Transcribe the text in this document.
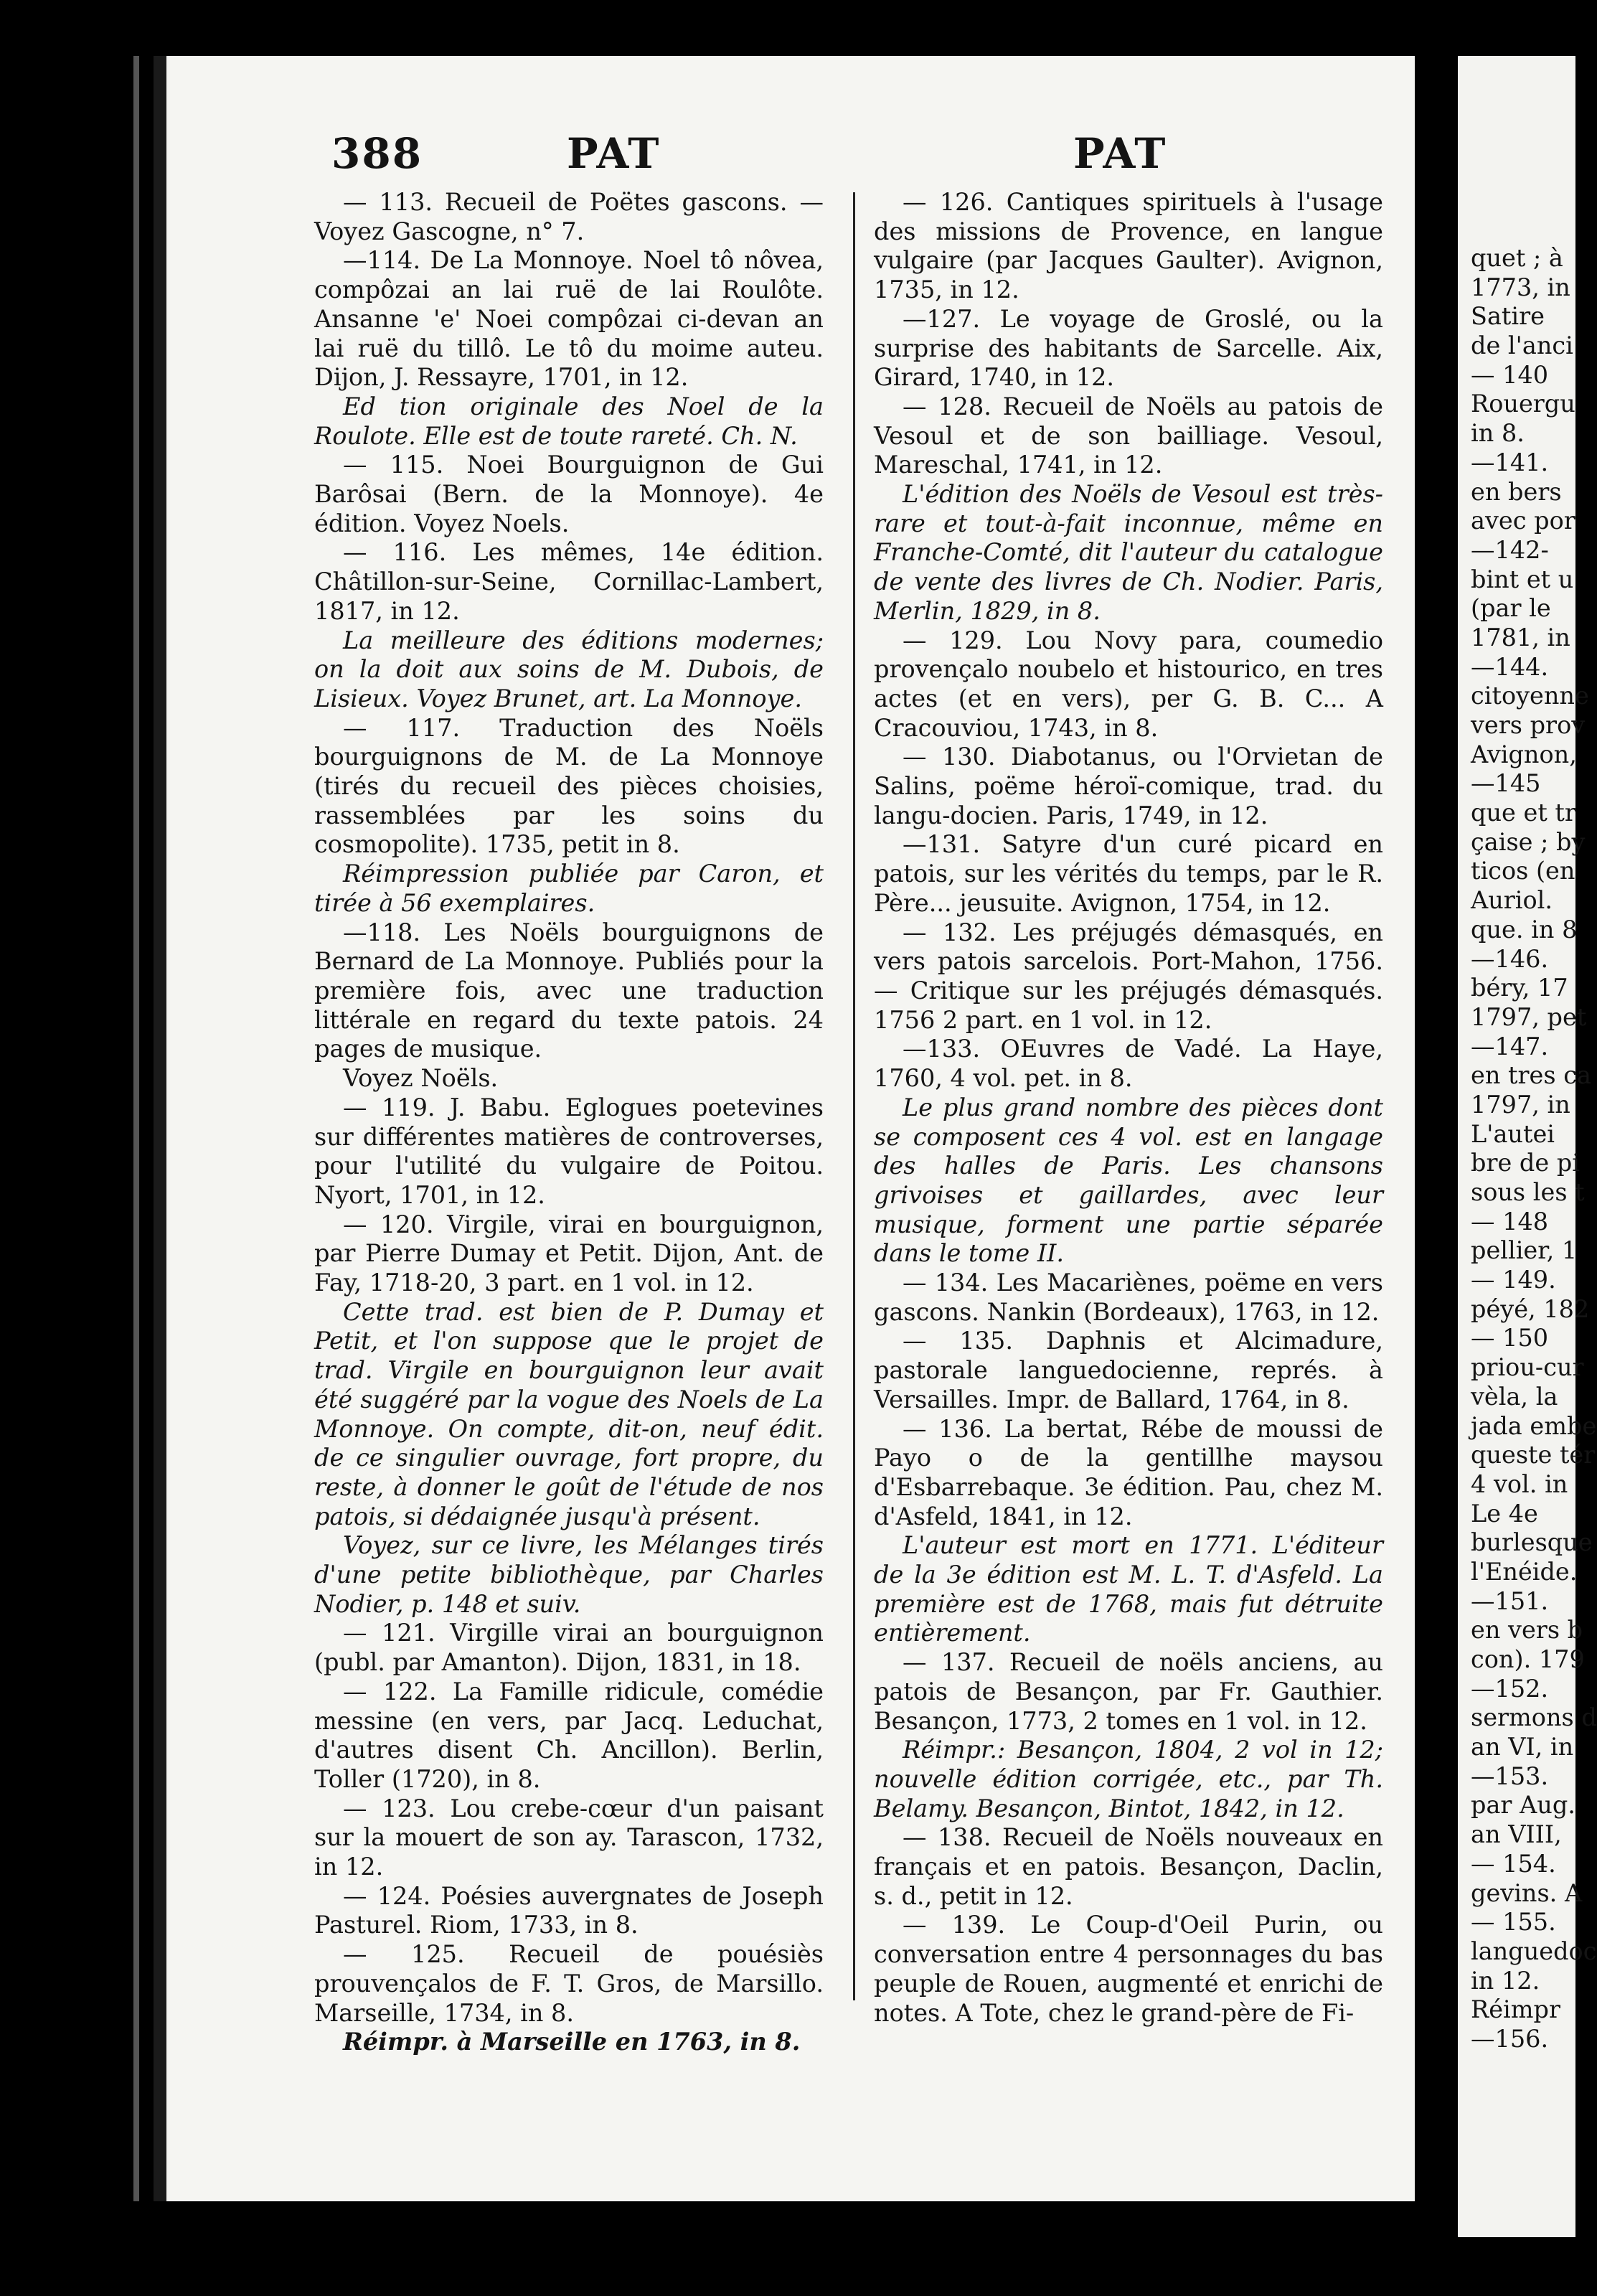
quet ; à
1773, in
Satire
de l'anci
— 140
Rouergu
in 8.
—141.
en bers
avec por
—142-
bint et u
(par le
1781, in
—144.
citoyenne
vers prov
Avignon,
—145
que et tr
çaise ; by
ticos (en
Auriol.
que. in 8
—146.
béry, 17
1797, pet
—147.
en tres ca
1797, in
L'autei
bre de pi
sous les t
— 148
pellier, 1
— 149.
péyé, 182
— 150
priou-cur
vèla, la
jada embe
queste tér
4 vol. in
Le 4e
burlesque
l'Enéide.
—151.
en vers b
con). 179
—152.
sermons d
an VI, in
—153.
par Aug.
an VIII,
— 154.
gevins. A
— 155.
languedoc
in 12.
Réimpr
—156.
388	PAT	PAT

— 113. Recueil de Poëtes gascons. — Voyez Gascogne, n° 7.

—114. De La Monnoye. Noel tô nôvea, compôzai an lai ruë de lai Roulôte. Ansanne 'e' Noei compôzai ci-devan an lai ruë du tillô. Le tô du moime auteu. Dijon, J. Ressayre, 1701, in 12.

Ed tion originale des Noel de la Roulote. Elle est de toute rareté. Ch. N.

— 115. Noei Bourguignon de Gui Barôsai (Bern. de la Monnoye). 4e édition. Voyez Noels.

— 116. Les mêmes, 14e édition. Châtillon-sur-Seine, Cornillac-Lambert, 1817, in 12.

La meilleure des éditions modernes; on la doit aux soins de M. Dubois, de Lisieux. Voyez Brunet, art. La Monnoye.

— 117. Traduction des Noëls bourguignons de M. de La Monnoye (tirés du recueil des pièces choisies, rassemblées par les soins du cosmopolite). 1735, petit in 8.

Réimpression publiée par Caron, et tirée à 56 exemplaires.

—118. Les Noëls bourguignons de Bernard de La Monnoye. Publiés pour la première fois, avec une traduction littérale en regard du texte patois. 24 pages de musique.

Voyez Noëls.

— 119. J. Babu. Eglogues poetevines sur différentes matières de controverses, pour l'utilité du vulgaire de Poitou. Nyort, 1701, in 12.

— 120. Virgile, virai en bourguignon, par Pierre Dumay et Petit. Dijon, Ant. de Fay, 1718-20, 3 part. en 1 vol. in 12.

Cette trad. est bien de P. Dumay et Petit, et l'on suppose que le projet de trad. Virgile en bourguignon leur avait été suggéré par la vogue des Noels de La Monnoye. On compte, dit-on, neuf édit. de ce singulier ouvrage, fort propre, du reste, à donner le goût de l'étude de nos patois, si dédaignée jusqu'à présent.

Voyez, sur ce livre, les Mélanges tirés d'une petite bibliothèque, par Charles Nodier, p. 148 et suiv.

— 121. Virgille virai an bourguignon (publ. par Amanton). Dijon, 1831, in 18.

— 122. La Famille ridicule, comédie messine (en vers, par Jacq. Leduchat, d'autres disent Ch. Ancillon). Berlin, Toller (1720), in 8.

— 123. Lou crebe-cœur d'un paisant sur la mouert de son ay. Tarascon, 1732, in 12.

— 124. Poésies auvergnates de Joseph Pasturel. Riom, 1733, in 8.

— 125. Recueil de pouésiès prouvençalos de F. T. Gros, de Marsillo. Marseille, 1734, in 8.

Réimpr. à Marseille en 1763, in 8.

— 126. Cantiques spirituels à l'usage des missions de Provence, en langue vulgaire (par Jacques Gaulter). Avignon, 1735, in 12.

—127. Le voyage de Groslé, ou la surprise des habitants de Sarcelle. Aix, Girard, 1740, in 12.

— 128. Recueil de Noëls au patois de Vesoul et de son bailliage. Vesoul, Mareschal, 1741, in 12.

L'édition des Noëls de Vesoul est très-rare et tout-à-fait inconnue, même en Franche-Comté, dit l'auteur du catalogue de vente des livres de Ch. Nodier. Paris, Merlin, 1829, in 8.

— 129. Lou Novy para, coumedio provençalo noubelo et histourico, en tres actes (et en vers), per G. B. C... A Cracouviou, 1743, in 8.

— 130. Diabotanus, ou l'Orvietan de Salins, poëme héroï-comique, trad. du langu-docien. Paris, 1749, in 12.

—131. Satyre d'un curé picard en patois, sur les vérités du temps, par le R. Père... jeusuite. Avignon, 1754, in 12.

— 132. Les préjugés démasqués, en vers patois sarcelois. Port-Mahon, 1756. — Critique sur les préjugés démasqués. 1756 2 part. en 1 vol. in 12.

—133. OEuvres de Vadé. La Haye, 1760, 4 vol. pet. in 8.

Le plus grand nombre des pièces dont se composent ces 4 vol. est en langage des halles de Paris. Les chansons grivoises et gaillardes, avec leur musique, forment une partie séparée dans le tome II.

— 134. Les Macariènes, poëme en vers gascons. Nankin (Bordeaux), 1763, in 12.

— 135. Daphnis et Alcimadure, pastorale languedocienne, représ. à Versailles. Impr. de Ballard, 1764, in 8.

— 136. La bertat, Rébe de moussi de Payo o de la gentillhe maysou d'Esbarrebaque. 3e édition. Pau, chez M. d'Asfeld, 1841, in 12.

L'auteur est mort en 1771. L'éditeur de la 3e édition est M. L. T. d'Asfeld. La première est de 1768, mais fut détruite entièrement.

— 137. Recueil de noëls anciens, au patois de Besançon, par Fr. Gauthier. Besançon, 1773, 2 tomes en 1 vol. in 12.

Réimpr.: Besançon, 1804, 2 vol in 12; nouvelle édition corrigée, etc., par Th. Belamy. Besançon, Bintot, 1842, in 12.

— 138. Recueil de Noëls nouveaux en français et en patois. Besançon, Daclin, s. d., petit in 12.

— 139. Le Coup-d'Oeil Purin, ou conversation entre 4 personnages du bas peuple de Rouen, augmenté et enrichi de notes. A Tote, chez le grand-père de Fi-
